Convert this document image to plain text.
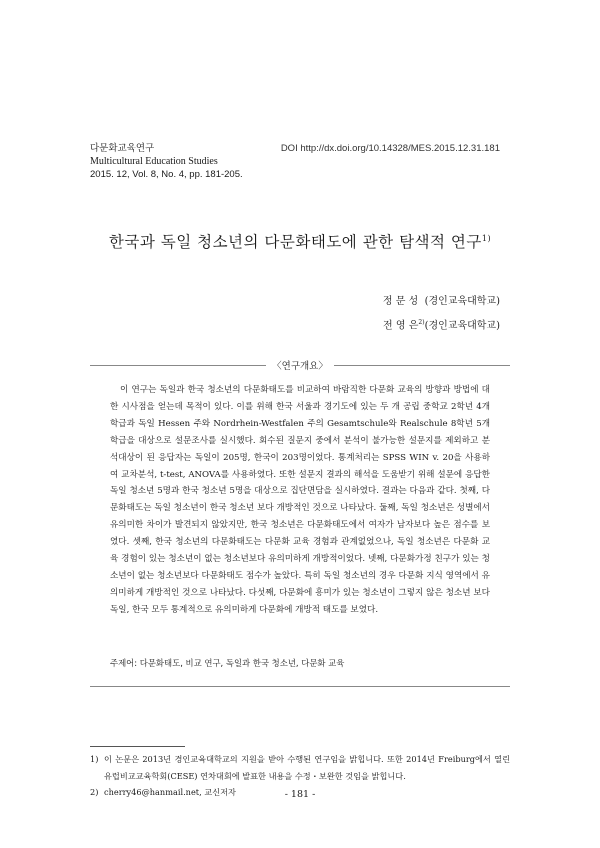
다문화교육연구	DOI http://dx.doi.org/10.14328/MES.2015.12.31.181
Multicultural Education Studies
2015. 12, Vol. 8, No. 4, pp. 181-205.
한국과 독일 청소년의 다문화태도에 관한 탐색적 연구$^{1)}$
정 문 성 (경인교육대학교)
전 영 은$^{2)}$(경인교육대학교)
〈연구개요〉
이 연구는 독일과 한국 청소년의 다문화태도를 비교하여 바람직한 다문화 교육의 방향과 방법에 대한 시사점을 얻는데 목적이 있다. 이를 위해 한국 서울과 경기도에 있는 두 개 공립 중학교 2학년 4개 학급과 독일 Hessen 주와 Nordrhein-Westfalen 주의 Gesamtschule와 Realschule 8학년 5개 학급을 대상으로 설문조사를 실시했다. 회수된 질문지 중에서 분석이 불가능한 설문지를 제외하고 분석대상이 된 응답자는 독일이 205명, 한국이 203명이었다. 통계처리는 SPSS WIN v. 20을 사용하여 교차분석, t-test, ANOVA를 사용하였다. 또한 설문지 결과의 해석을 도움받기 위해 설문에 응답한 독일 청소년 5명과 한국 청소년 5명을 대상으로 집단면담을 실시하였다. 결과는 다음과 같다. 첫째, 다문화태도는 독일 청소년이 한국 청소년 보다 개방적인 것으로 나타났다. 둘째, 독일 청소년은 성별에서 유의미한 차이가 발견되지 않았지만, 한국 청소년은 다문화태도에서 여자가 남자보다 높은 점수를 보였다. 셋째, 한국 청소년의 다문화태도는 다문화 교육 경험과 관계없었으나, 독일 청소년은 다문화 교육 경험이 있는 청소년이 없는 청소년보다 유의미하게 개방적이었다. 넷째, 다문화가정 친구가 있는 청소년이 없는 청소년보다 다문화태도 점수가 높았다. 특히 독일 청소년의 경우 다문화 지식 영역에서 유의미하게 개방적인 것으로 나타났다. 다섯째, 다문화에 흥미가 있는 청소년이 그렇지 않은 청소년 보다 독일, 한국 모두 통계적으로 유의미하게 다문화에 개방적 태도를 보였다.
주제어: 다문화태도, 비교 연구, 독일과 한국 청소년, 다문화 교육
1) 이 논문은 2013년 경인교육대학교의 지원을 받아 수행된 연구임을 밝힙니다. 또한 2014년 Freiburg에서 열린 유럽비교교육학회(CESE) 연차대회에 발표한 내용을 수정・보완한 것임을 밝힙니다.
2) cherry46@hanmail.net, 교신저자	- 181 -
